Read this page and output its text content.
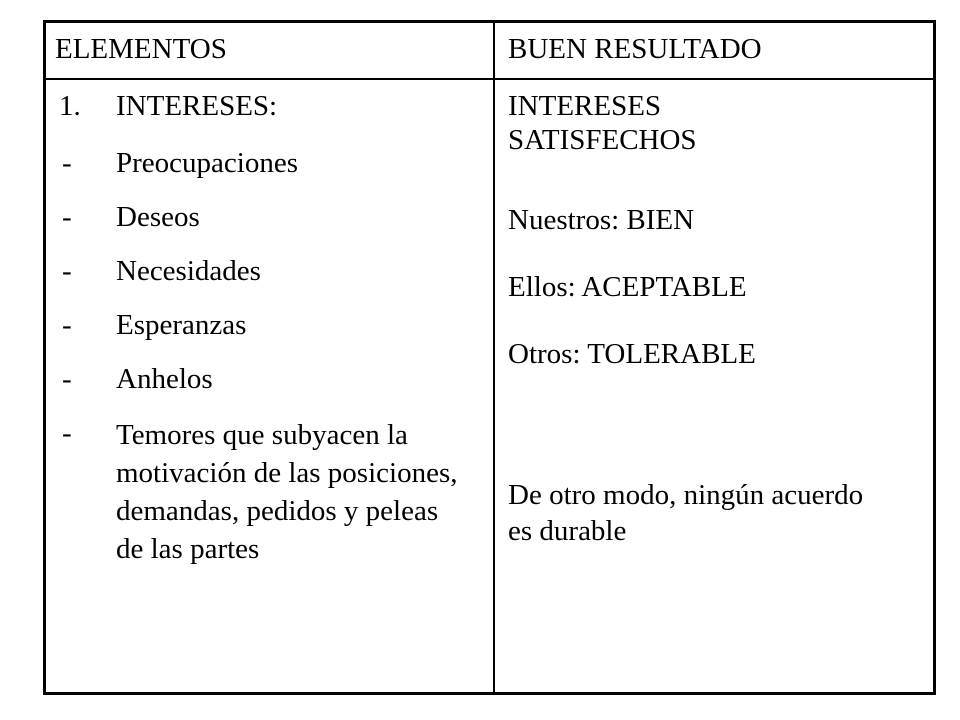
ELEMENTOS	BUEN RESULTADO
1. INTERESES:
- Preocupaciones
- Deseos
- Necesidades
- Esperanzas
- Anhelos
- Temores que subyacen la motivación de las posiciones, demandas, pedidos y peleas de las partes
INTERESES SATISFECHOS
Nuestros: BIEN
Ellos: ACEPTABLE
Otros: TOLERABLE
De otro modo, ningún acuerdo es durable
